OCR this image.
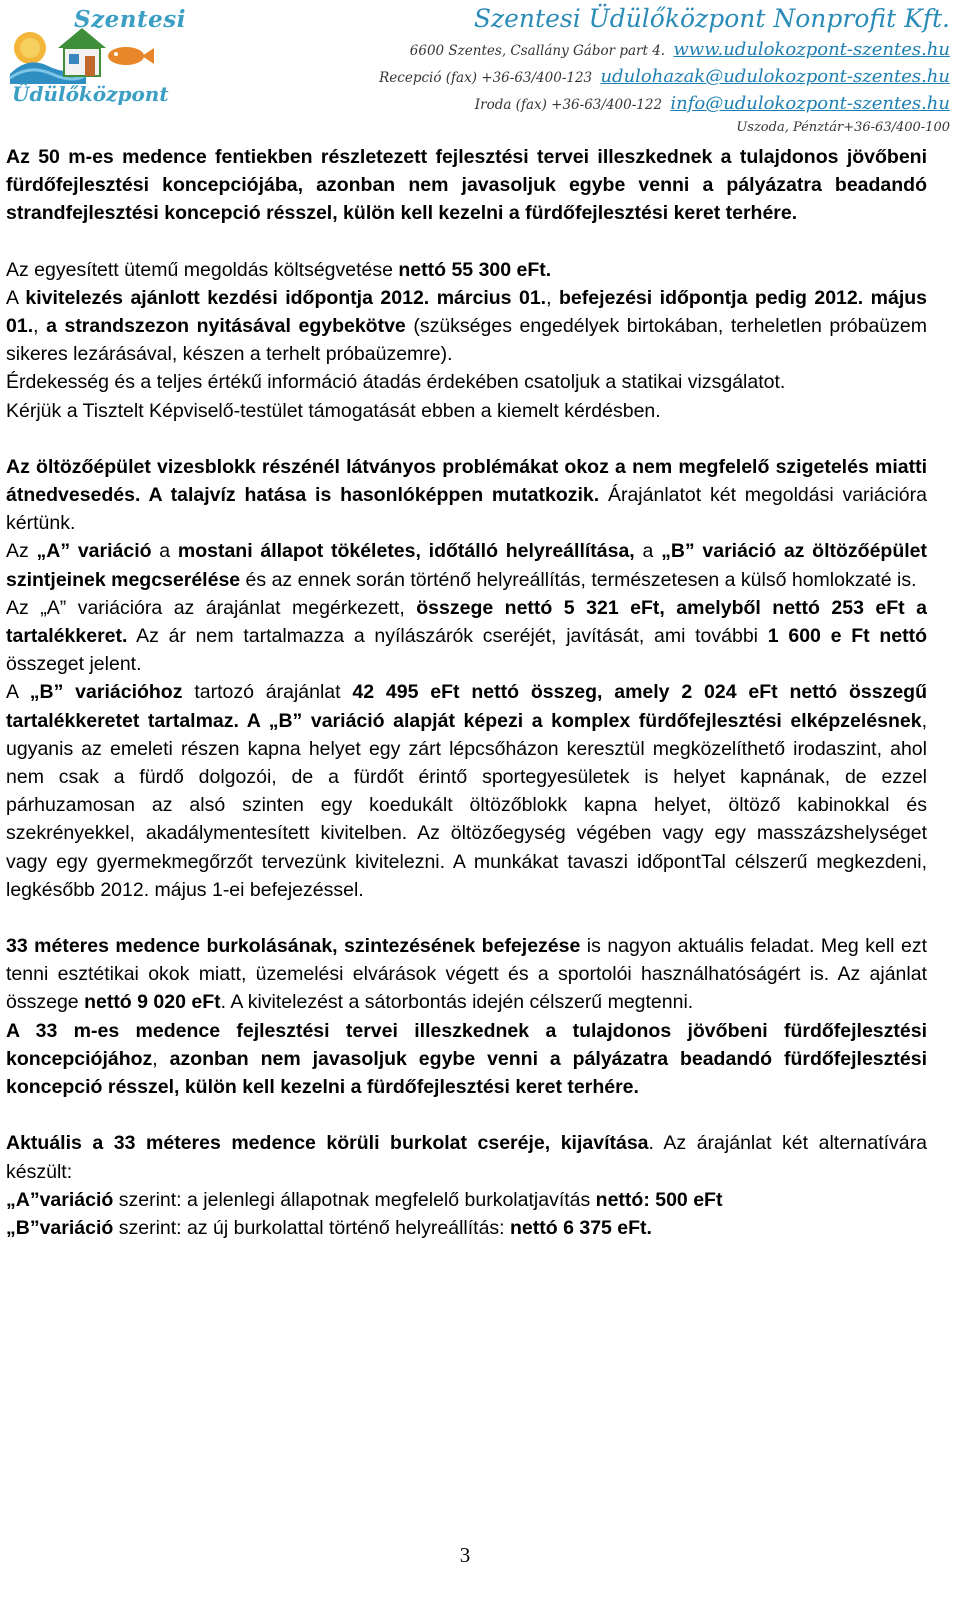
Szentesi
Üdülőközpont
Szentesi Üdülőközpont Nonprofit Kft.
6600 Szentes, Csallány Gábor part 4. www.udulokozpont-szentes.hu
Recepció (fax) +36-63/400-123 udulohazak@udulokozpont-szentes.hu
Iroda (fax) +36-63/400-122 info@udulokozpont-szentes.hu
Uszoda, Pénztár+36-63/400-100

Az 50 m-es medence fentiekben részletezett fejlesztési tervei illeszkednek a tulajdonos jövőbeni fürdőfejlesztési koncepciójába, azonban nem javasoljuk egybe venni a pályázatra beadandó strandfejlesztési koncepció résszel, külön kell kezelni a fürdőfejlesztési keret terhére.

Az egyesített ütemű megoldás költségvetése nettó 55 300 eFt.

A kivitelezés ajánlott kezdési időpontja 2012. március 01., befejezési időpontja pedig 2012. május 01., a strandszezon nyitásával egybekötve (szükséges engedélyek birtokában, terheletlen próbaüzem sikeres lezárásával, készen a terhelt próbaüzemre).

Érdekesség és a teljes értékű információ átadás érdekében csatoljuk a statikai vizsgálatot.

Kérjük a Tisztelt Képviselő-testület támogatását ebben a kiemelt kérdésben.

Az öltözőépület vizesblokk részénél látványos problémákat okoz a nem megfelelő szigetelés miatti átnedvesedés. A talajvíz hatása is hasonlóképpen mutatkozik. Árajánlatot két megoldási variációra kértünk.

Az „A” variáció a mostani állapot tökéletes, időtálló helyreállítása, a „B” variáció az öltözőépület szintjeinek megcserélése és az ennek során történő helyreállítás, természetesen a külső homlokzaté is.

Az „A” variációra az árajánlat megérkezett, összege nettó 5 321 eFt, amelyből nettó 253 eFt a tartalékkeret. Az ár nem tartalmazza a nyílászárók cseréjét, javítását, ami további 1 600 e Ft nettó összeget jelent.

A „B” variációhoz tartozó árajánlat 42 495 eFt nettó összeg, amely 2 024 eFt nettó összegű tartalékkeretet tartalmaz. A „B” variáció alapját képezi a komplex fürdőfejlesztési elképzelésnek, ugyanis az emeleti részen kapna helyet egy zárt lépcsőházon keresztül megközelíthető irodaszint, ahol nem csak a fürdő dolgozói, de a fürdőt érintő sportegyesületek is helyet kapnának, de ezzel párhuzamosan az alsó szinten egy koedukált öltözőblokk kapna helyet, öltöző kabinokkal és szekrényekkel, akadálymentesített kivitelben. Az öltözőegység végében vagy egy masszázshelységet vagy egy gyermekmegőrzőt tervezünk kivitelezni. A munkákat tavaszi időpontTal célszerű megkezdeni, legkésőbb 2012. május 1-ei befejezéssel.

33 méteres medence burkolásának, szintezésének befejezése is nagyon aktuális feladat. Meg kell ezt tenni esztétikai okok miatt, üzemelési elvárások végett és a sportolói használhatóságért is. Az ajánlat összege nettó 9 020 eFt. A kivitelezést a sátorbontás idején célszerű megtenni.

A 33 m-es medence fejlesztési tervei illeszkednek a tulajdonos jövőbeni fürdőfejlesztési koncepciójához, azonban nem javasoljuk egybe venni a pályázatra beadandó fürdőfejlesztési koncepció résszel, külön kell kezelni a fürdőfejlesztési keret terhére.

Aktuális a 33 méteres medence körüli burkolat cseréje, kijavítása. Az árajánlat két alternatívára készült:

„A”variáció szerint: a jelenlegi állapotnak megfelelő burkolatjavítás nettó: 500 eFt

„B”variáció szerint: az új burkolattal történő helyreállítás: nettó 6 375 eFt.

3
